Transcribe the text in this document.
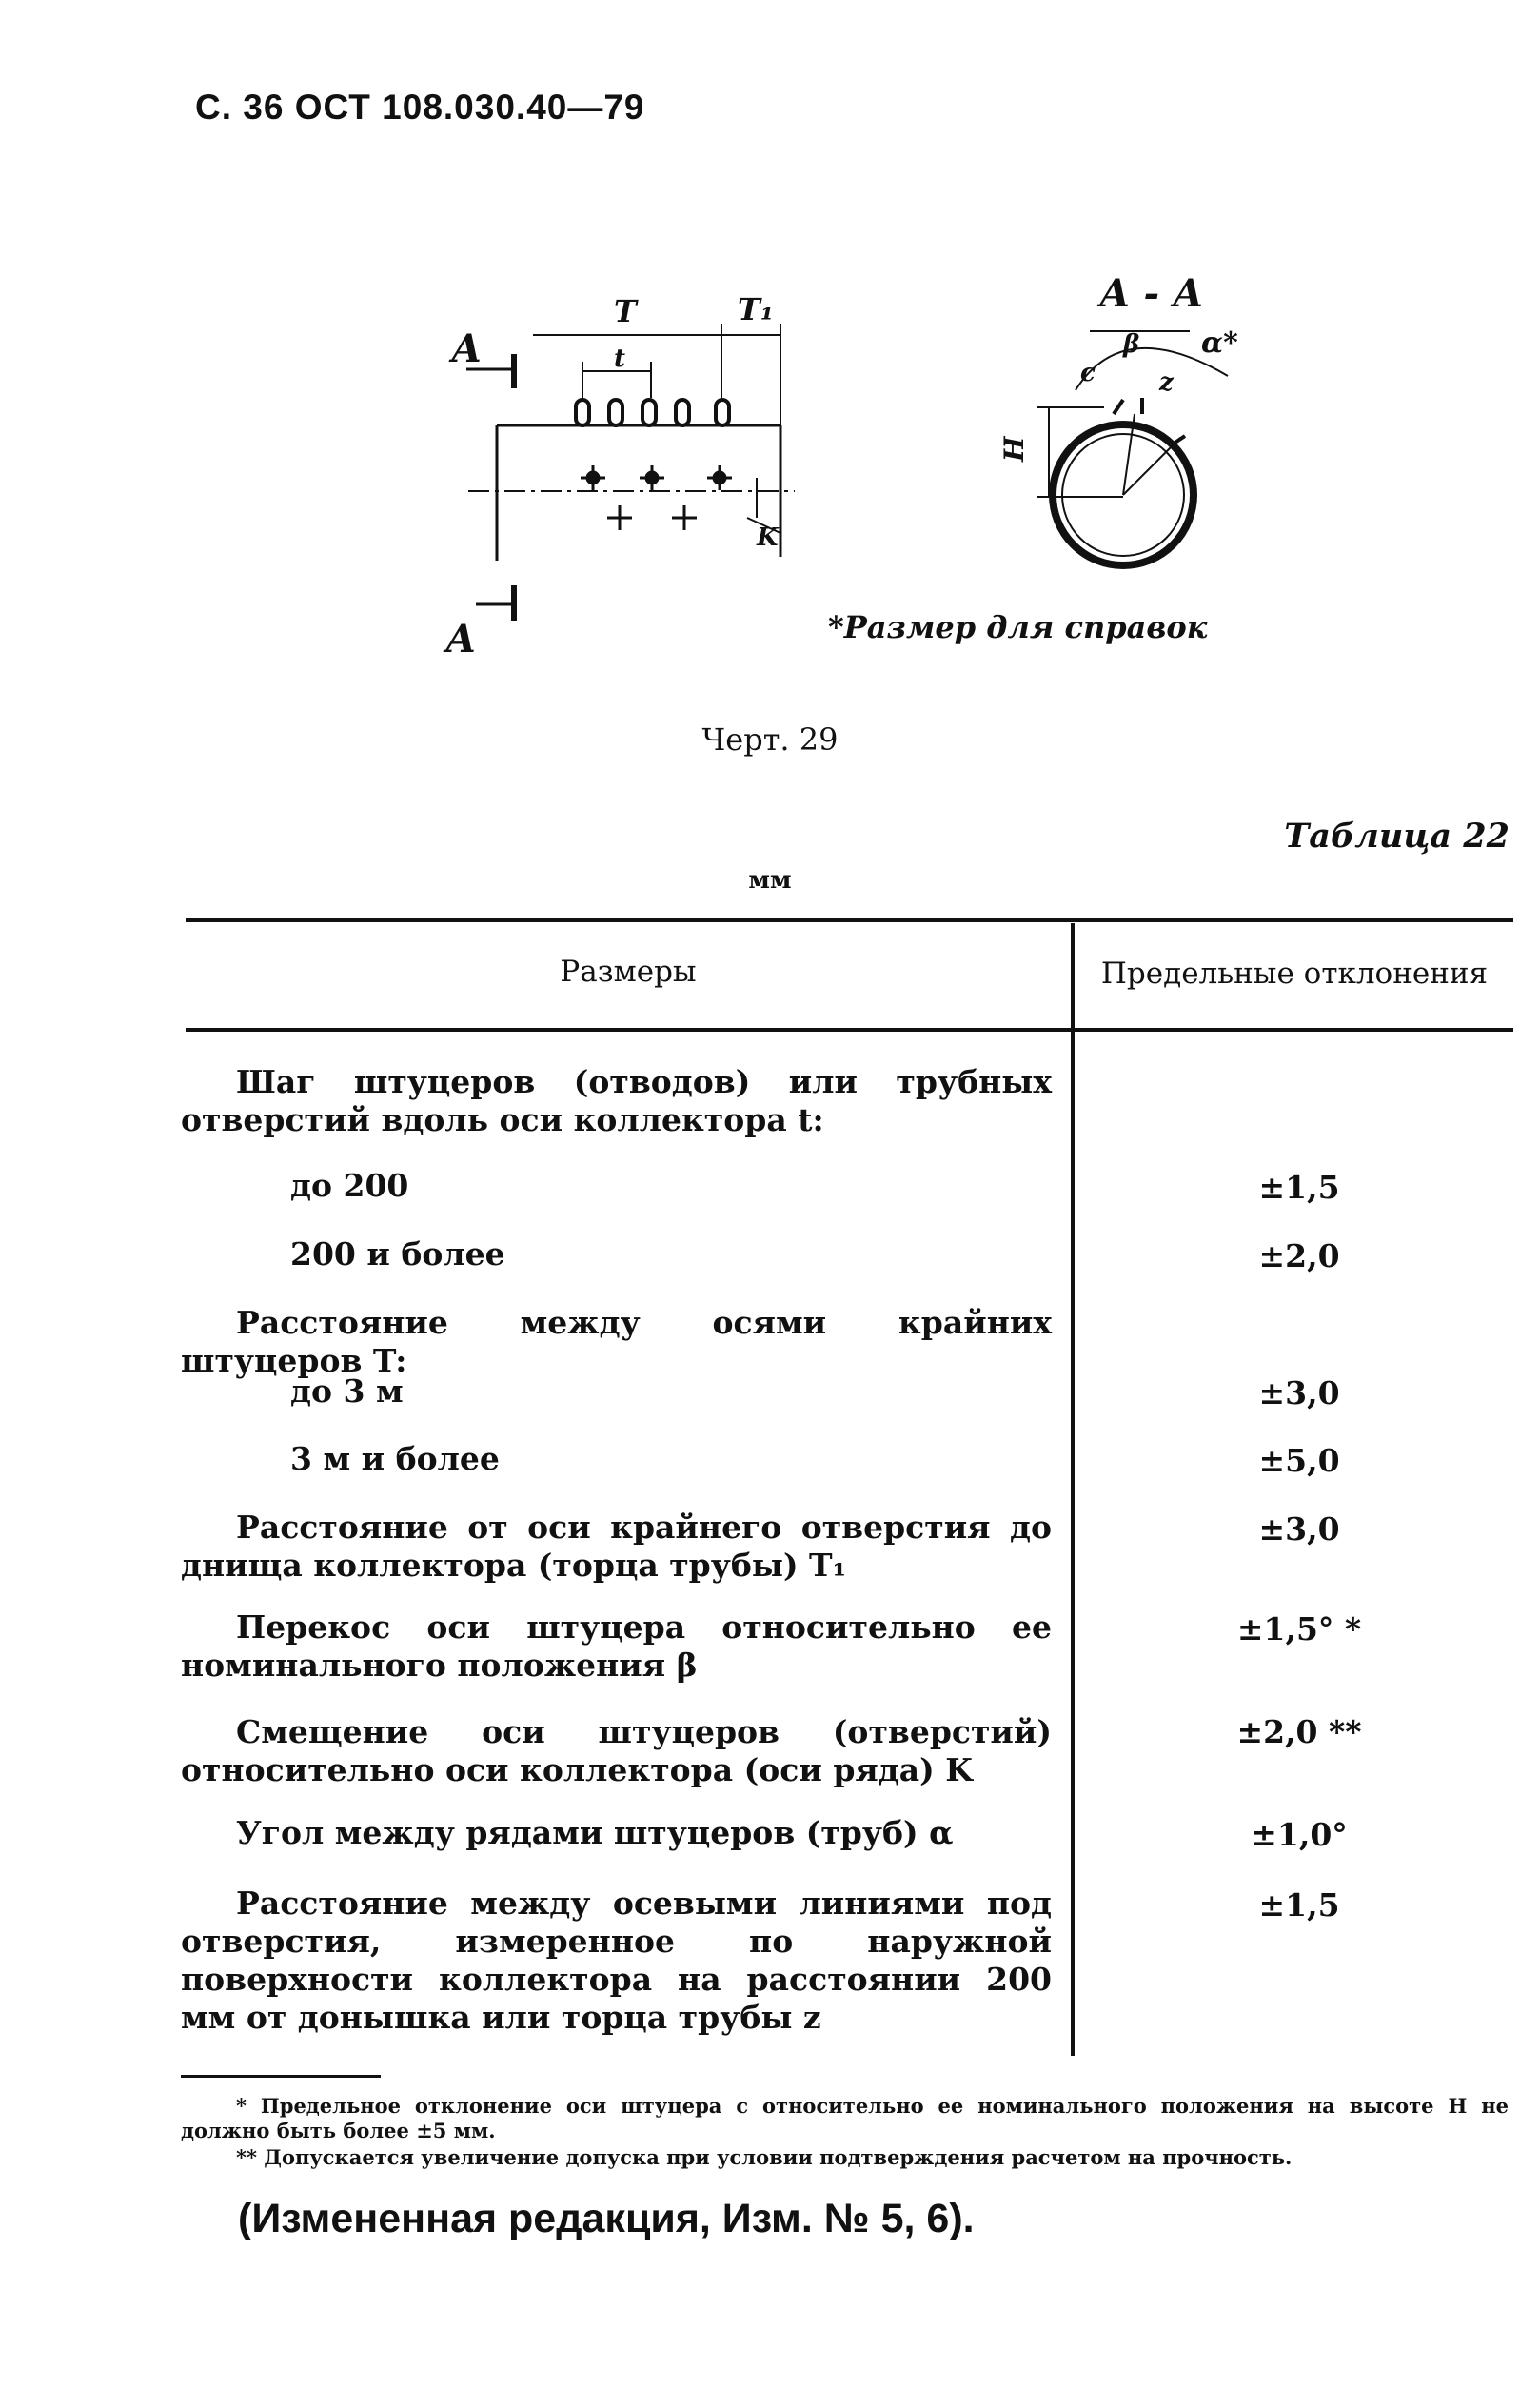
С. 36 ОСТ 108.030.40—79
А
А
T
t
T₁
K
А - А
β
c	z
α*
H
*Размер для справок
Черт. 29
Таблица 22
мм
Размеры	Предельные отклонения
Шаг штуцеров (отводов) или трубных отверстий вдоль оси коллектора t:
до 200
200 и более
Расстояние между осями крайних штуцеров T:
до 3 м
3 м и более
Расстояние от оси крайнего отверстия до днища коллектора (торца трубы) T₁
Перекос оси штуцера относительно ее номинального положения β
Смещение оси штуцеров (отверстий) относительно оси коллектора (оси ряда) K
Угол между рядами штуцеров (труб) α
Расстояние между осевыми линиями под отверстия, измеренное по наружной поверхности коллектора на расстоянии 200 мм от донышка или торца трубы z
±1,5
±2,0
±3,0
±5,0
±3,0
±1,5° *
±2,0 **
±1,0°
±1,5
* Предельное отклонение оси штуцера с относительно ее номинального положения на высоте H не должно быть более ±5 мм.
** Допускается увеличение допуска при условии подтверждения расчетом на прочность.
(Измененная редакция, Изм. № 5, 6).
